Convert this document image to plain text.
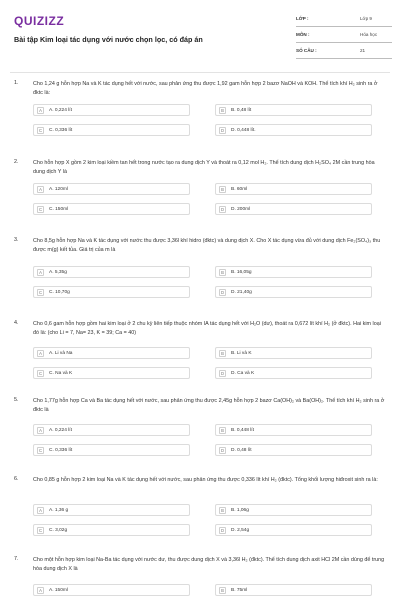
QUIZIZZ
Bài tập Kim loại tác dụng với nước chọn lọc, có đáp án
LỚP :	Lớp 9
MÔN :	Hóa học
SỐ CÂU :	21
1.	Cho 1,24 g hỗn hợp Na và K tác dụng hết với nước, sau phản ứng thu được 1,92 gam hỗn hợp 2 bazơ NaOH và KOH. Thể tích khí H₂ sinh ra ở đktc là:
A	A. 0,224 lít	B	B. 0,48 lít
C	C. 0,336 lít	D	D. 0,448 lít.
2.	Cho hỗn hợp X gồm 2 kim loại kiềm tan hết trong nước tạo ra dung dịch Y và thoát ra 0,12 mol H₂. Thể tích dung dịch H₂SO₄ 2M cần trung hòa dung dịch Y là
A	A. 120ml	B	B. 60ml
C	C. 150ml	D	D. 200ml
3.	Cho 8,5g hỗn hợp Na và K tác dụng với nước thu được 3,36l khí hidro (đktc) và dung dịch X. Cho X tác dụng vừa đủ với dung dịch Fe₂(SO₄)₃ thu được m(g) kết tủa. Giá trị của m là
A	A. 5,35g	B	B. 16,05g
C	C. 10,70g	D	D. 21,40g
4.	Cho 0,6 gam hỗn hợp gồm hai kim loại ở 2 chu kỳ liên tiếp thuộc nhóm IA tác dụng hết với H₂O (dư), thoát ra 0,672 lít khí H₂ (ở đktc). Hai kim loại đó là: (cho Li = 7, Na= 23, K = 39; Ca = 40)
A	A. Li và Na	B	B. Li và K
C	C. Na và K	D	D. Ca và K
5.	Cho 1,77g hỗn hợp Ca và Ba tác dụng hết với nước, sau phản ứng thu được 2,45g hỗn hợp 2 bazơ Ca(OH)₂ và Ba(OH)₂. Thể tích khí H₂ sinh ra ở đktc là
A	A. 0,224 lít	B	B. 0,448 lít
C	C. 0,336 lít	D	D. 0,48 lít
6.	Cho 0,85 g hỗn hợp 2 kim loại Na và K tác dụng hết với nước, sau phản ứng thu được 0,336 lít khí H₂ (đktc). Tổng khối lượng hiđroxit sinh ra là:
A	A. 1,36 g	B	B. 1,06g
C	C. 3,02g	D	D. 2,54g
7.	Cho một hỗn hợp kim loại Na-Ba tác dụng với nước dư, thu được dung dịch X và 3,36l H₂ (đktc). Thể tích dung dịch axit HCl 2M cần dùng để trung hòa dung dịch X là
A	A. 150ml	B	B. 75ml
